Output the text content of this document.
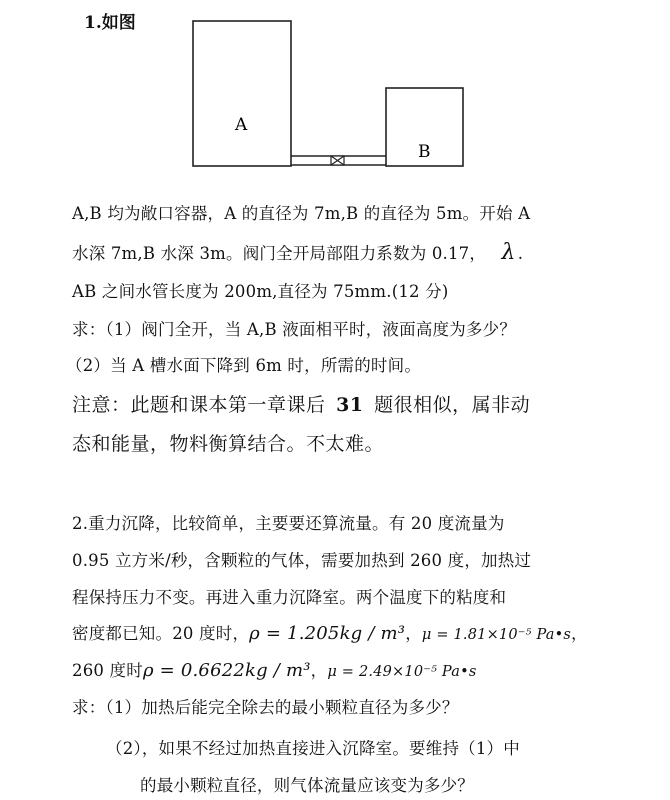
1.如图
A
B
A,B 均为敞口容器，A 的直径为 7m,B 的直径为 5m。开始 A
水深 7m,B 水深 3m。阀门全开局部阻力系数为 0.17， λ .
AB 之间水管长度为 200m,直径为 75mm.(12 分)
求：（1）阀门全开，当 A,B 液面相平时，液面高度为多少？
（2）当 A 槽水面下降到 6m 时，所需的时间。
注意：此题和课本第一章课后 31 题很相似，属非动
态和能量，物料衡算结合。不太难。
2.重力沉降，比较简单，主要要还算流量。有 20 度流量为
0.95 立方米/秒，含颗粒的气体，需要加热到 260 度，加热过
程保持压力不变。再进入重力沉降室。两个温度下的粘度和
密度都已知。20 度时，ρ = 1.205kg / m³，μ = 1.81×10⁻⁵ Pa•s，
260 度时ρ = 0.6622kg / m³，μ = 2.49×10⁻⁵ Pa•s
求：（1）加热后能完全除去的最小颗粒直径为多少？
（2），如果不经过加热直接进入沉降室。要维持（1）中
的最小颗粒直径，则气体流量应该变为多少？
